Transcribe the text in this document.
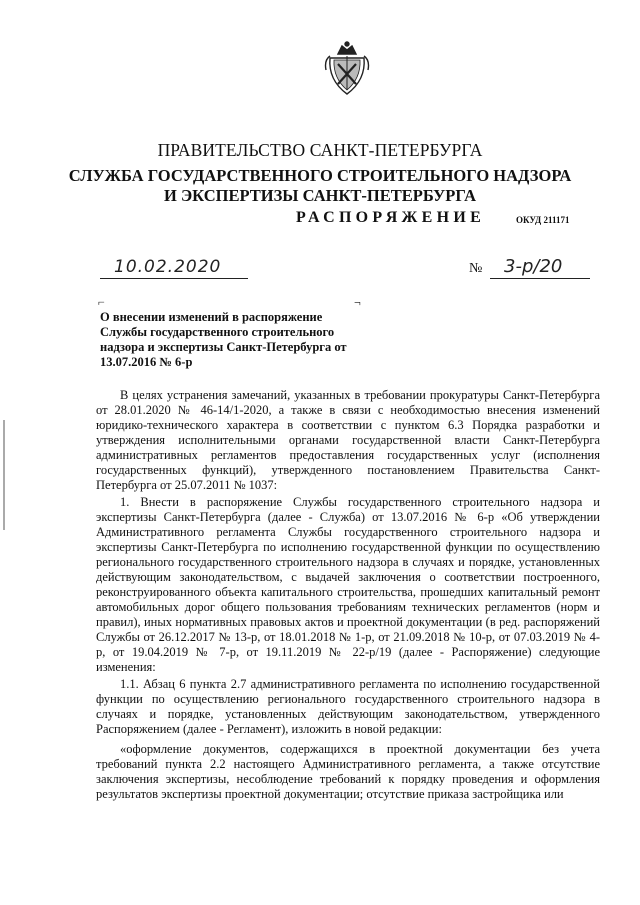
ПРАВИТЕЛЬСТВО САНКТ-ПЕТЕРБУРГА
СЛУЖБА ГОСУДАРСТВЕННОГО СТРОИТЕЛЬНОГО НАДЗОРА
И ЭКСПЕРТИЗЫ САНКТ-ПЕТЕРБУРГА
РАСПОРЯЖЕНИЕ	ОКУД 211171
10.02.2020	№ 3-р/20
⌐	¬
О внесении изменений в распоряжение Службы государственного строительного надзора и экспертизы Санкт-Петербурга от 13.07.2016 № 6-р

В целях устранения замечаний, указанных в требовании прокуратуры Санкт-Петербурга от 28.01.2020 № 46-14/1-2020, а также в связи с необходимостью внесения изменений юридико-технического характера в соответствии с пунктом 6.3 Порядка разработки и утверждения исполнительными органами государственной власти Санкт-Петербурга административных регламентов предоставления государственных услуг (исполнения государственных функций), утвержденного постановлением Правительства Санкт-Петербурга от 25.07.2011 № 1037:

1. Внести в распоряжение Службы государственного строительного надзора и экспертизы Санкт-Петербурга (далее - Служба) от 13.07.2016 № 6-р «Об утверждении Административного регламента Службы государственного строительного надзора и экспертизы Санкт-Петербурга по исполнению государственной функции по осуществлению регионального государственного строительного надзора в случаях и порядке, установленных действующим законодательством, с выдачей заключения о соответствии построенного, реконструированного объекта капитального строительства, прошедших капитальный ремонт автомобильных дорог общего пользования требованиям технических регламентов (норм и правил), иных нормативных правовых актов и проектной документации (в ред. распоряжений Службы от 26.12.2017 № 13-р, от 18.01.2018 № 1-р, от 21.09.2018 № 10-р, от 07.03.2019 № 4-р, от 19.04.2019 № 7-р, от 19.11.2019 № 22-р/19 (далее - Распоряжение) следующие изменения:

1.1. Абзац 6 пункта 2.7 административного регламента по исполнению государственной функции по осуществлению регионального государственного строительного надзора в случаях и порядке, установленных действующим законодательством, утвержденного Распоряжением (далее - Регламент), изложить в новой редакции:

«оформление документов, содержащихся в проектной документации без учета требований пункта 2.2 настоящего Административного регламента, а также отсутствие заключения экспертизы, несоблюдение требований к порядку проведения и оформления результатов экспертизы проектной документации; отсутствие приказа застройщика или
